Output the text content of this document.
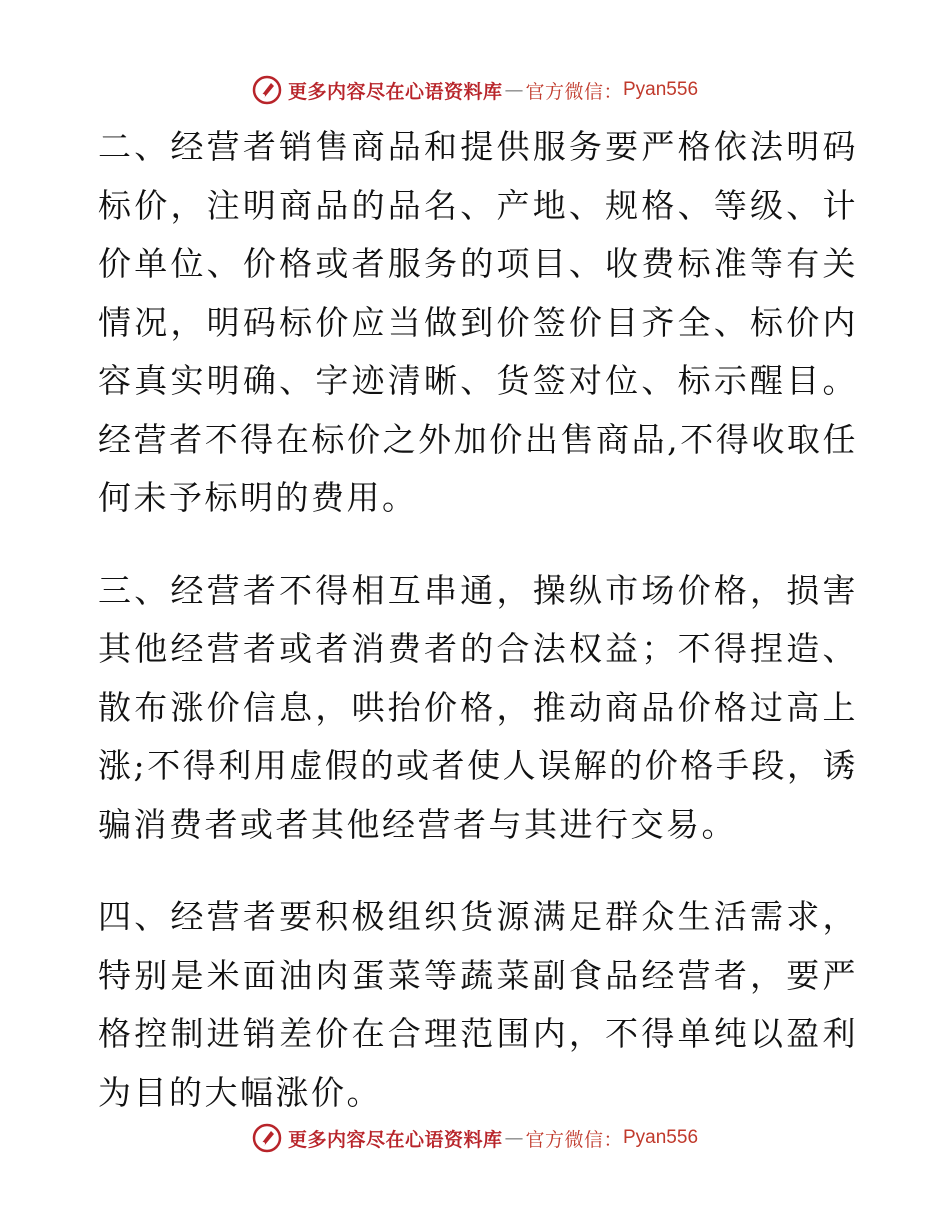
更多内容尽在心语资料库 — 官方微信： Pyan556

二、经营者销售商品和提供服务要严格依法明码标价，注明商品的品名、产地、规格、等级、计价单位、价格或者服务的项目、收费标准等有关情况，明码标价应当做到价签价目齐全、标价内容真实明确、字迹清晰、货签对位、标示醒目。经营者不得在标价之外加价出售商品,不得收取任何未予标明的费用。

三、经营者不得相互串通，操纵市场价格，损害其他经营者或者消费者的合法权益；不得捏造、散布涨价信息，哄抬价格，推动商品价格过高上涨;不得利用虚假的或者使人误解的价格手段，诱骗消费者或者其他经营者与其进行交易。

四、经营者要积极组织货源满足群众生活需求，特别是米面油肉蛋菜等蔬菜副食品经营者，要严格控制进销差价在合理范围内，不得单纯以盈利为目的大幅涨价。

更多内容尽在心语资料库 — 官方微信： Pyan556
